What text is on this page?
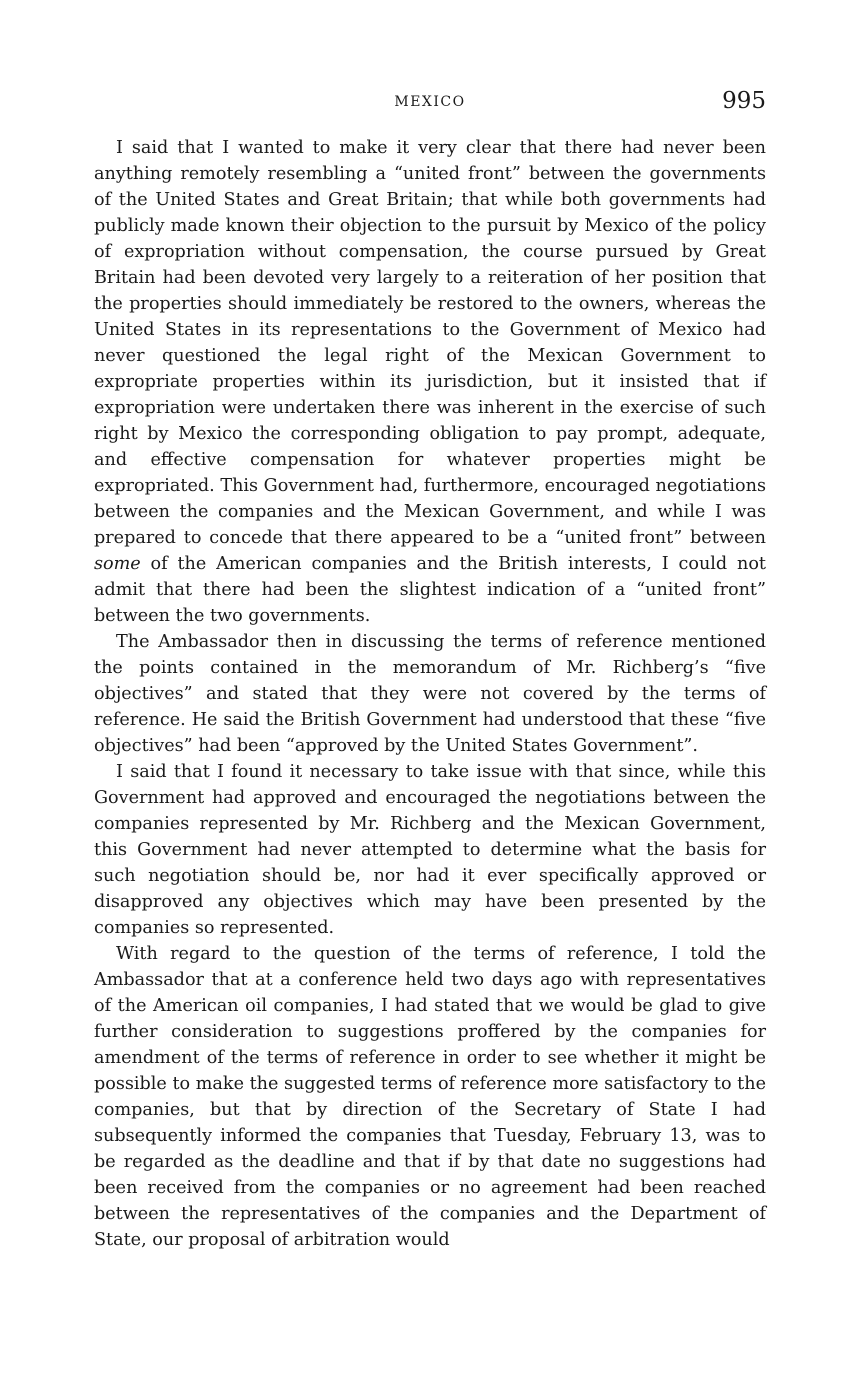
MEXICO	995

I said that I wanted to make it very clear that there had never been anything remotely resembling a “united front” between the governments of the United States and Great Britain; that while both governments had publicly made known their objection to the pursuit by Mexico of the policy of expropriation without compensation, the course pursued by Great Britain had been devoted very largely to a reiteration of her position that the properties should immediately be restored to the owners, whereas the United States in its representations to the Government of Mexico had never questioned the legal right of the Mexican Government to expropriate properties within its jurisdiction, but it insisted that if expropriation were undertaken there was inherent in the exercise of such right by Mexico the corresponding obligation to pay prompt, adequate, and effective compensation for whatever properties might be expropriated. This Government had, furthermore, encouraged negotiations between the companies and the Mexican Government, and while I was prepared to concede that there appeared to be a “united front” between some of the American companies and the British interests, I could not admit that there had been the slightest indication of a “united front” between the two governments.

The Ambassador then in discussing the terms of reference mentioned the points contained in the memorandum of Mr. Richberg’s “five objectives” and stated that they were not covered by the terms of reference. He said the British Government had understood that these “five objectives” had been “approved by the United States Government”.

I said that I found it necessary to take issue with that since, while this Government had approved and encouraged the negotiations between the companies represented by Mr. Richberg and the Mexican Government, this Government had never attempted to determine what the basis for such negotiation should be, nor had it ever specifically approved or disapproved any objectives which may have been presented by the companies so represented.

With regard to the question of the terms of reference, I told the Ambassador that at a conference held two days ago with representatives of the American oil companies, I had stated that we would be glad to give further consideration to suggestions proffered by the companies for amendment of the terms of reference in order to see whether it might be possible to make the suggested terms of reference more satisfactory to the companies, but that by direction of the Secretary of State I had subsequently informed the companies that Tuesday, February 13, was to be regarded as the deadline and that if by that date no suggestions had been received from the companies or no agreement had been reached between the representatives of the companies and the Department of State, our proposal of arbitration would
